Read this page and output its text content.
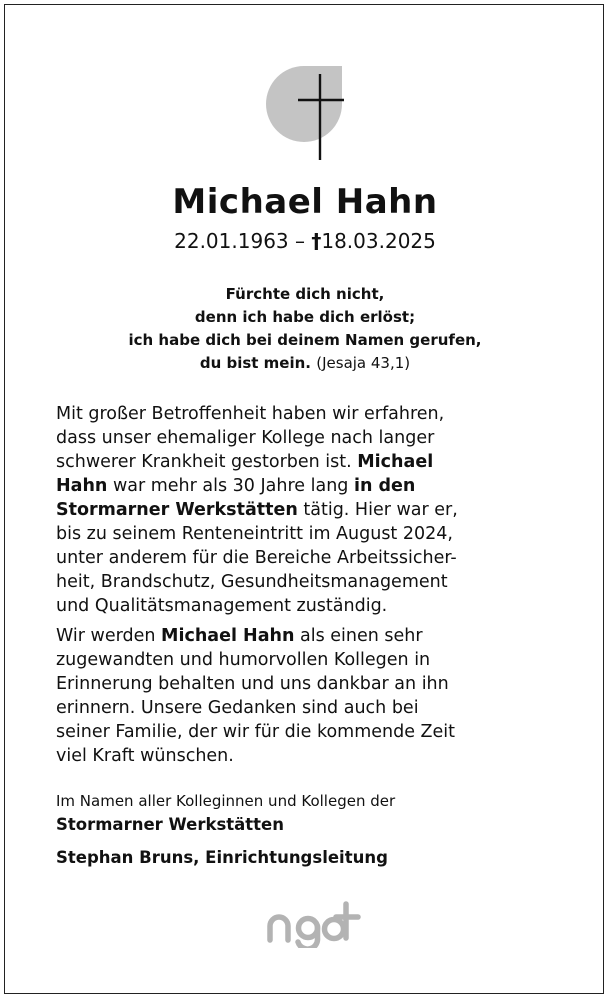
Michael Hahn
22.01.1963 – †18.03.2025
Fürchte dich nicht,
denn ich habe dich erlöst;
ich habe dich bei deinem Namen gerufen,
du bist mein. (Jesaja 43,1)
Mit großer Betroffenheit haben wir erfahren,
dass unser ehemaliger Kollege nach langer
schwerer Krankheit gestorben ist. Michael
Hahn war mehr als 30 Jahre lang in den
Stormarner Werkstätten tätig. Hier war er,
bis zu seinem Renteneintritt im August 2024,
unter anderem für die Bereiche Arbeitssicher-
heit, Brandschutz, Gesundheitsmanagement
und Qualitätsmanagement zuständig.
Wir werden Michael Hahn als einen sehr
zugewandten und humorvollen Kollegen in
Erinnerung behalten und uns dankbar an ihn
erinnern. Unsere Gedanken sind auch bei
seiner Familie, der wir für die kommende Zeit
viel Kraft wünschen.
Im Namen aller Kolleginnen und Kollegen der
Stormarner Werkstätten
Stephan Bruns, Einrichtungsleitung
